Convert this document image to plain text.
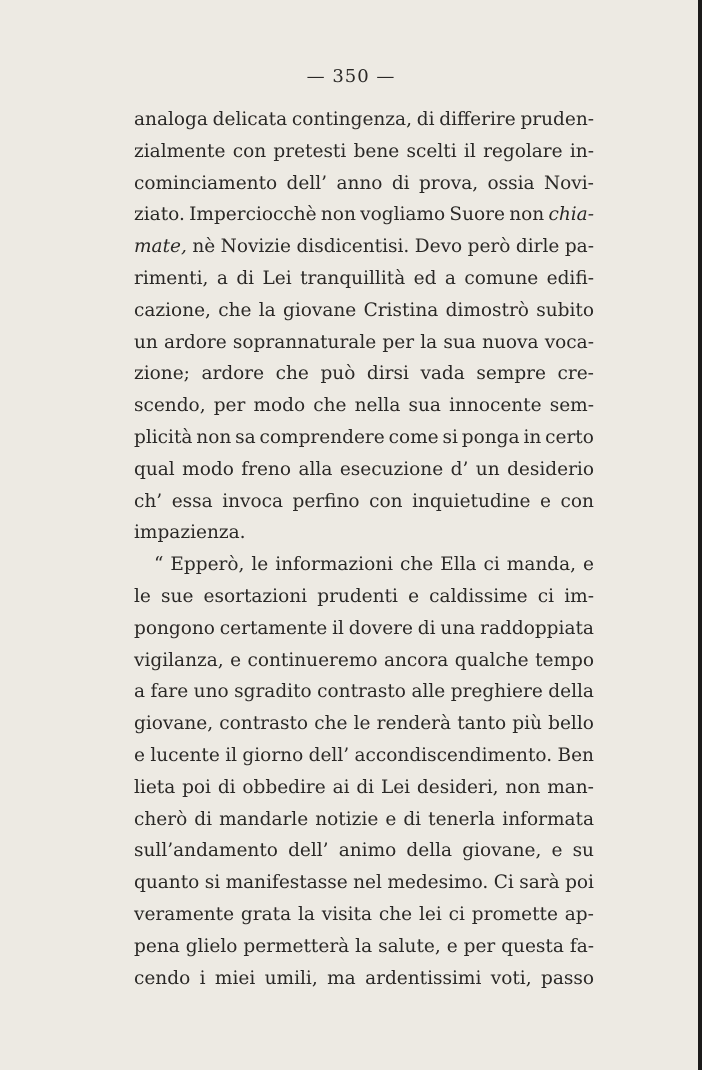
— 350 —
analoga delicata contingenza, di differire pruden-
zialmente con pretesti bene scelti il regolare in-
cominciamento dell’ anno di prova, ossia Novi-
ziato. Imperciocchè non vogliamo Suore non chia-
mate, nè Novizie disdicentisi. Devo però dirle pa-
rimenti, a di Lei tranquillità ed a comune edifi-
cazione, che la giovane Cristina dimostrò subito
un ardore soprannaturale per la sua nuova voca-
zione; ardore che può dirsi vada sempre cre-
scendo, per modo che nella sua innocente sem-
plicità non sa comprendere come si ponga in certo
qual modo freno alla esecuzione d’ un desiderio
ch’ essa invoca perfino con inquietudine e con
impazienza.
“ Epperò, le informazioni che Ella ci manda, e
le sue esortazioni prudenti e caldissime ci im-
pongono certamente il dovere di una raddoppiata
vigilanza, e continueremo ancora qualche tempo
a fare uno sgradito contrasto alle preghiere della
giovane, contrasto che le renderà tanto più bello
e lucente il giorno dell’ accondiscendimento. Ben
lieta poi di obbedire ai di Lei desideri, non man-
cherò di mandarle notizie e di tenerla informata
sull’andamento dell’ animo della giovane, e su
quanto si manifestasse nel medesimo. Ci sarà poi
veramente grata la visita che lei ci promette ap-
pena glielo permetterà la salute, e per questa fa-
cendo i miei umili, ma ardentissimi voti, passo
